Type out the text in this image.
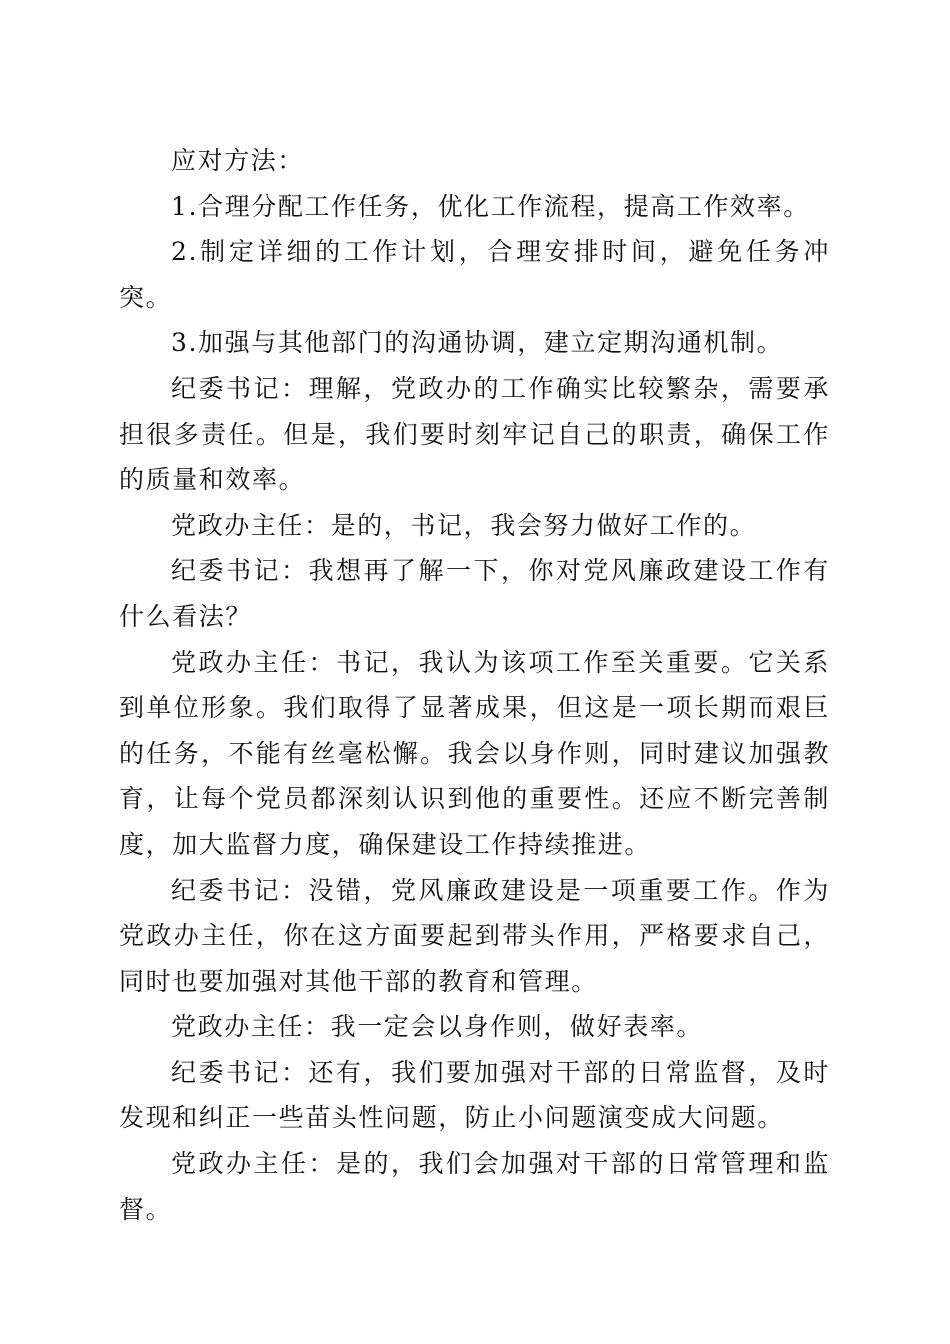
应对方法：

1.合理分配工作任务，优化工作流程，提高工作效率。

2.制定详细的工作计划，合理安排时间，避免任务冲突。

3.加强与其他部门的沟通协调，建立定期沟通机制。

纪委书记：理解，党政办的工作确实比较繁杂，需要承担很多责任。但是，我们要时刻牢记自己的职责，确保工作的质量和效率。

党政办主任：是的，书记，我会努力做好工作的。

纪委书记：我想再了解一下，你对党风廉政建设工作有什么看法？

党政办主任：书记，我认为该项工作至关重要。它关系到单位形象。我们取得了显著成果，但这是一项长期而艰巨的任务，不能有丝毫松懈。我会以身作则，同时建议加强教育，让每个党员都深刻认识到他的重要性。还应不断完善制度，加大监督力度，确保建设工作持续推进。

纪委书记：没错，党风廉政建设是一项重要工作。作为党政办主任，你在这方面要起到带头作用，严格要求自己，同时也要加强对其他干部的教育和管理。

党政办主任：我一定会以身作则，做好表率。

纪委书记：还有，我们要加强对干部的日常监督，及时发现和纠正一些苗头性问题，防止小问题演变成大问题。

党政办主任：是的，我们会加强对干部的日常管理和监督。
